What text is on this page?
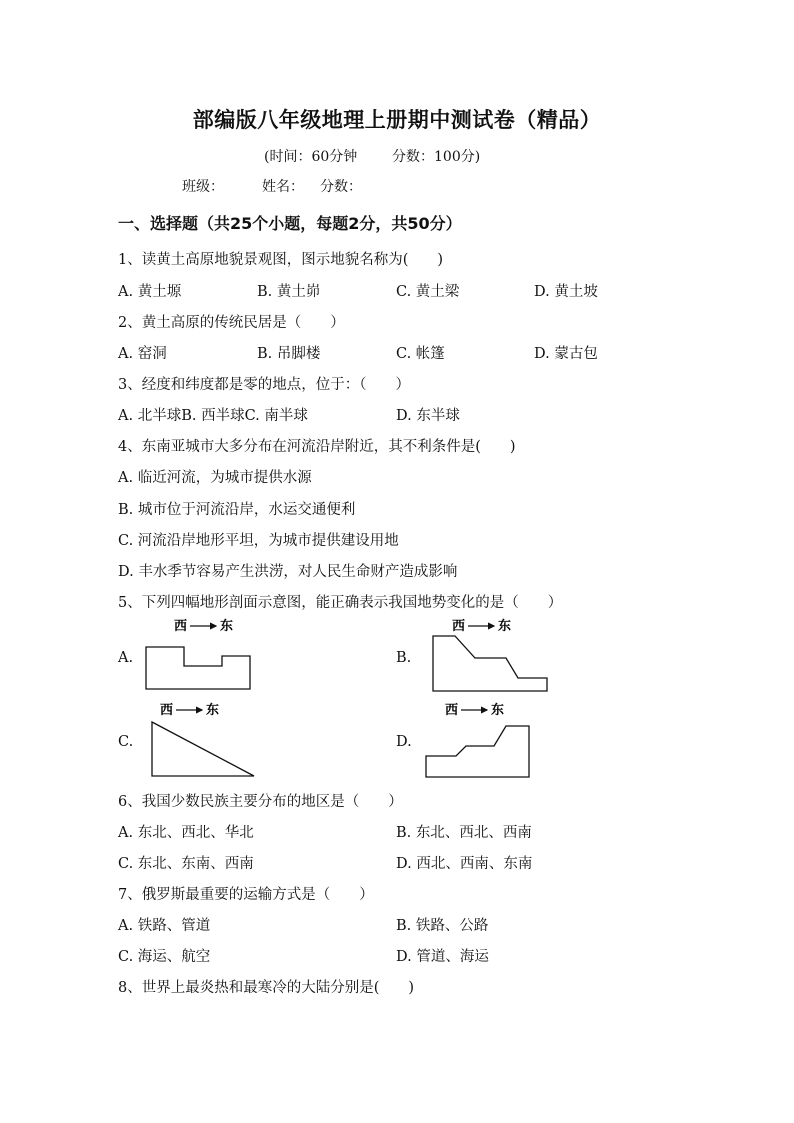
部编版八年级地理上册期中测试卷（精品）
(时间：60分钟 分数：100分)
班级：	姓名： 分数：
一、选择题（共25个小题，每题2分，共50分）
1、读黄土高原地貌景观图，图示地貌名称为(　　)
A. 黄土塬	B. 黄土峁	C. 黄土梁	D. 黄土坡
2、黄土高原的传统民居是（　　）
A. 窑洞	B. 吊脚楼	C. 帐篷	D. 蒙古包
3、经度和纬度都是零的地点，位于：（　　）
A. 北半球B. 西半球C. 南半球	D. 东半球
4、东南亚城市大多分布在河流沿岸附近，其不利条件是(　　)
A. 临近河流，为城市提供水源
B. 城市位于河流沿岸，水运交通便利
C. 河流沿岸地形平坦，为城市提供建设用地
D. 丰水季节容易产生洪涝，对人民生命财产造成影响
5、下列四幅地形剖面示意图，能正确表示我国地势变化的是（　　）
A.	B.
C.	D.
西	东	西	东
西	东	西	东
6、我国少数民族主要分布的地区是（　　）
A. 东北、西北、华北	B. 东北、西北、西南
C. 东北、东南、西南	D. 西北、西南、东南
7、俄罗斯最重要的运输方式是（　　）
A. 铁路、管道	B. 铁路、公路
C. 海运、航空	D. 管道、海运
8、世界上最炎热和最寒冷的大陆分别是(　　)
